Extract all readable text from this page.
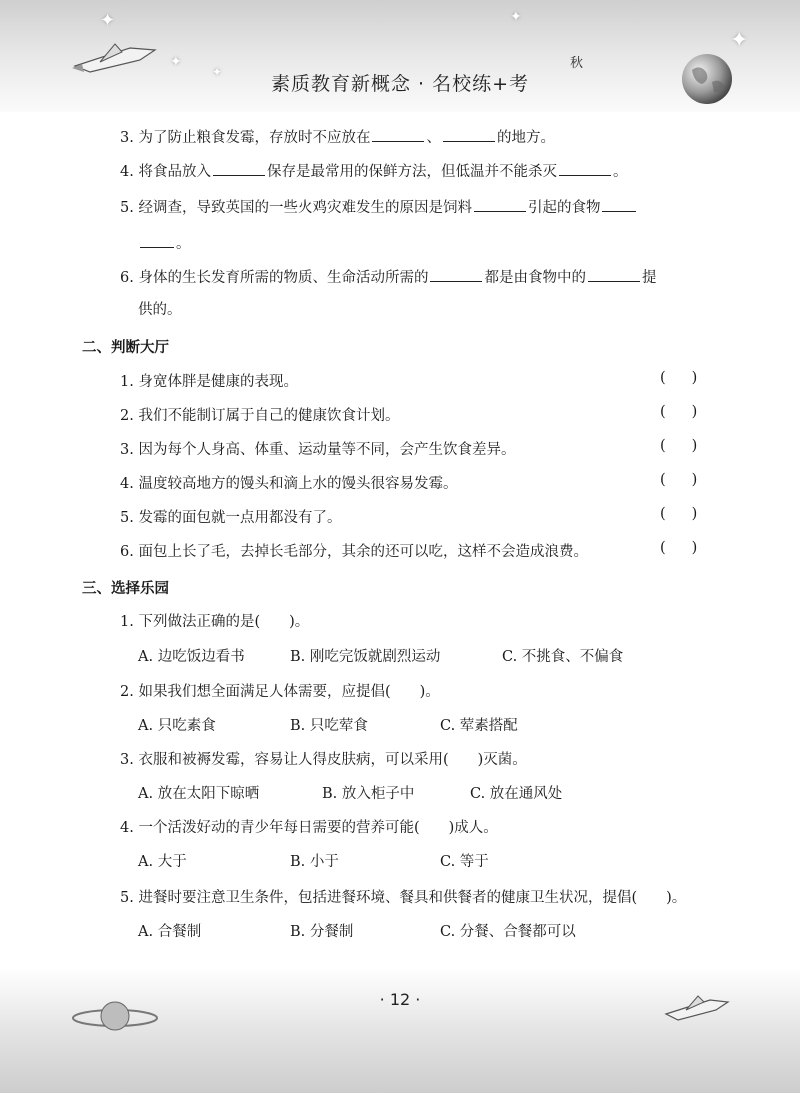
✦
✦
✦
✦
✦
素质教育新概念 · 名校练+考
秋
3. 为了防止粮食发霉，存放时不应放在	、	的地方。
4. 将食品放入	保存是最常用的保鲜方法，但低温并不能杀灭	。
5. 经调查，导致英国的一些火鸡灾难发生的原因是饲料	引起的食物
。
6. 身体的生长发育所需的物质、生命活动所需的	都是由食物中的	提
供的。
二、判断大厅
1. 身宽体胖是健康的表现。	()
2. 我们不能制订属于自己的健康饮食计划。	()
3. 因为每个人身高、体重、运动量等不同，会产生饮食差异。	()
4. 温度较高地方的馒头和滴上水的馒头很容易发霉。	()
5. 发霉的面包就一点用都没有了。	()
6. 面包上长了毛，去掉长毛部分，其余的还可以吃，这样不会造成浪费。	()
三、选择乐园
1. 下列做法正确的是(　　)。
A. 边吃饭边看书	B. 刚吃完饭就剧烈运动	C. 不挑食、不偏食
2. 如果我们想全面满足人体需要，应提倡(　　)。
A. 只吃素食	B. 只吃荤食	C. 荤素搭配
3. 衣服和被褥发霉，容易让人得皮肤病，可以采用(　　)灭菌。
A. 放在太阳下晾晒	B. 放入柜子中	C. 放在通风处
4. 一个活泼好动的青少年每日需要的营养可能(　　)成人。
A. 大于	B. 小于	C. 等于
5. 进餐时要注意卫生条件，包括进餐环境、餐具和供餐者的健康卫生状况，提倡(　　)。
A. 合餐制	B. 分餐制	C. 分餐、合餐都可以
· 12 ·
